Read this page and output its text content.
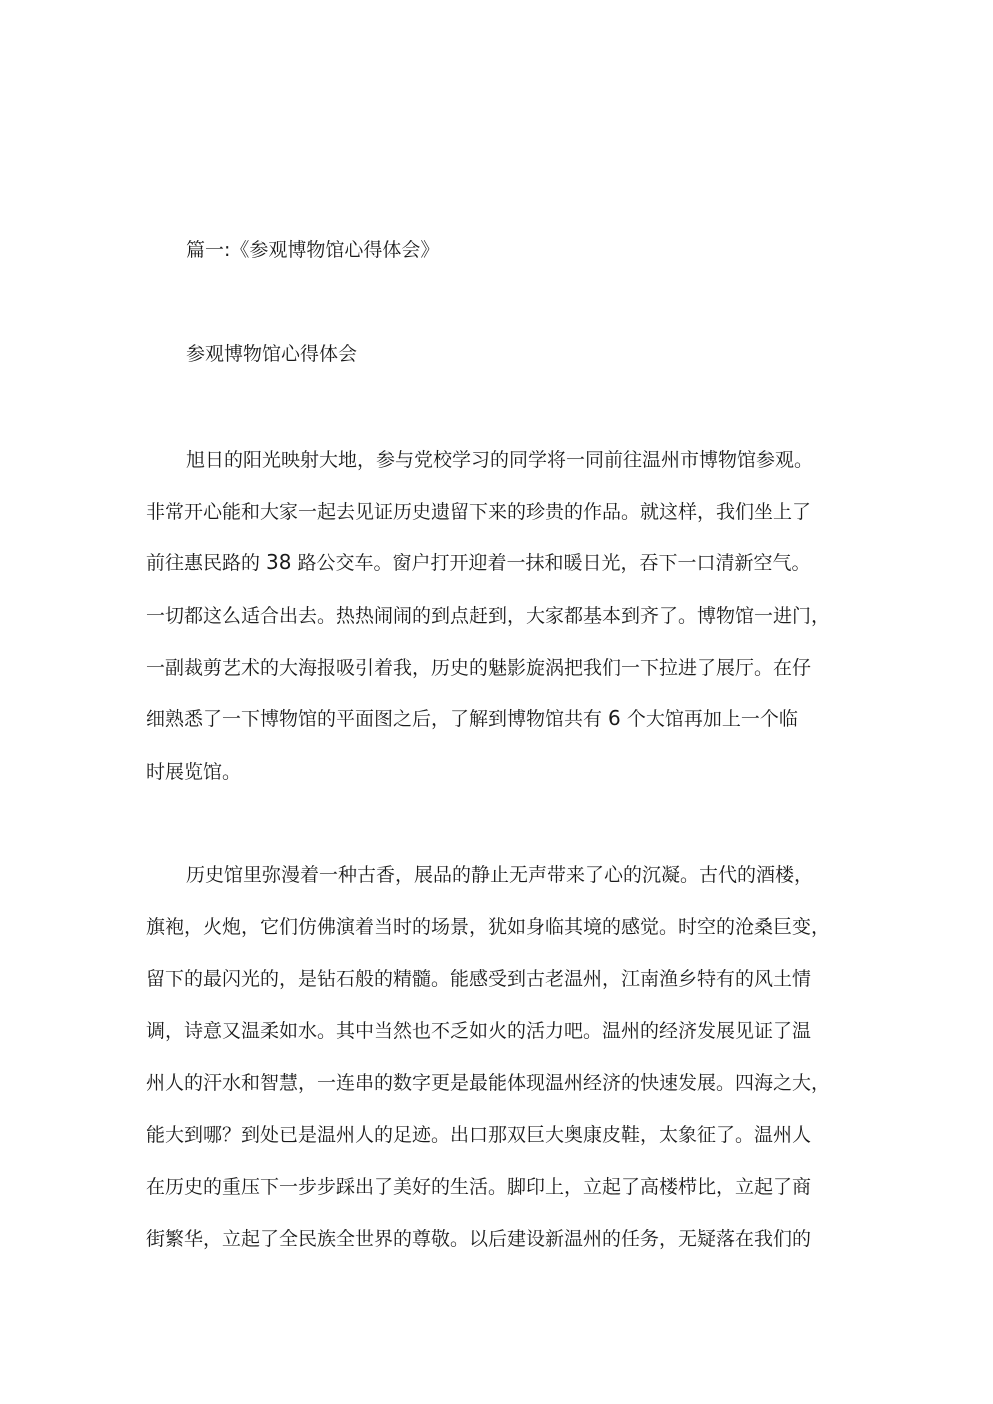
篇一:《参观博物馆心得体会》
参观博物馆心得体会
旭日的阳光映射大地，参与党校学习的同学将一同前往温州市博物馆参观。
非常开心能和大家一起去见证历史遗留下来的珍贵的作品。就这样，我们坐上了
前往惠民路的 38 路公交车。窗户打开迎着一抹和暖日光，吞下一口清新空气。
一切都这么适合出去。热热闹闹的到点赶到，大家都基本到齐了。博物馆一进门，
一副裁剪艺术的大海报吸引着我，历史的魅影旋涡把我们一下拉进了展厅。在仔
细熟悉了一下博物馆的平面图之后，了解到博物馆共有 6 个大馆再加上一个临
时展览馆。
历史馆里弥漫着一种古香，展品的静止无声带来了心的沉凝。古代的酒楼，
旗袍，火炮，它们仿佛演着当时的场景，犹如身临其境的感觉。时空的沧桑巨变，
留下的最闪光的，是钻石般的精髓。能感受到古老温州，江南渔乡特有的风土情
调，诗意又温柔如水。其中当然也不乏如火的活力吧。温州的经济发展见证了温
州人的汗水和智慧，一连串的数字更是最能体现温州经济的快速发展。四海之大，
能大到哪？到处已是温州人的足迹。出口那双巨大奥康皮鞋，太象征了。温州人
在历史的重压下一步步踩出了美好的生活。脚印上，立起了高楼栉比，立起了商
街繁华，立起了全民族全世界的尊敬。以后建设新温州的任务，无疑落在我们的
